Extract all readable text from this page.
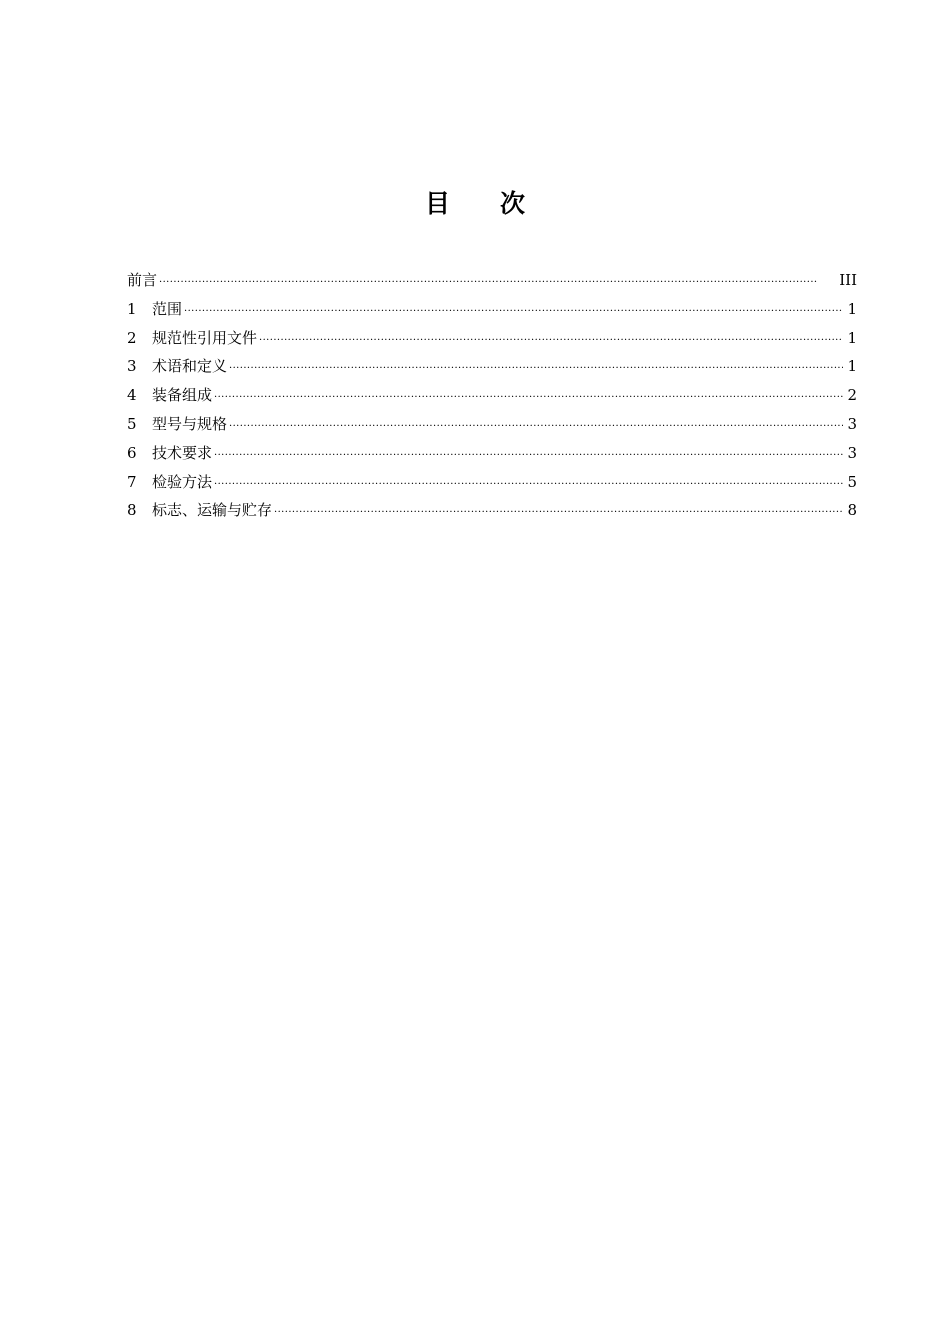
目 次
前言 ·····	III
1	范围 ·····	1
2	规范性引用文件 ·····	1
3	术语和定义 ·····	1
4	装备组成 ·····	2
5	型号与规格 ·····	3
6	技术要求 ·····	3
7	检验方法 ·····	5
8	标志、运输与贮存 ·····	8
